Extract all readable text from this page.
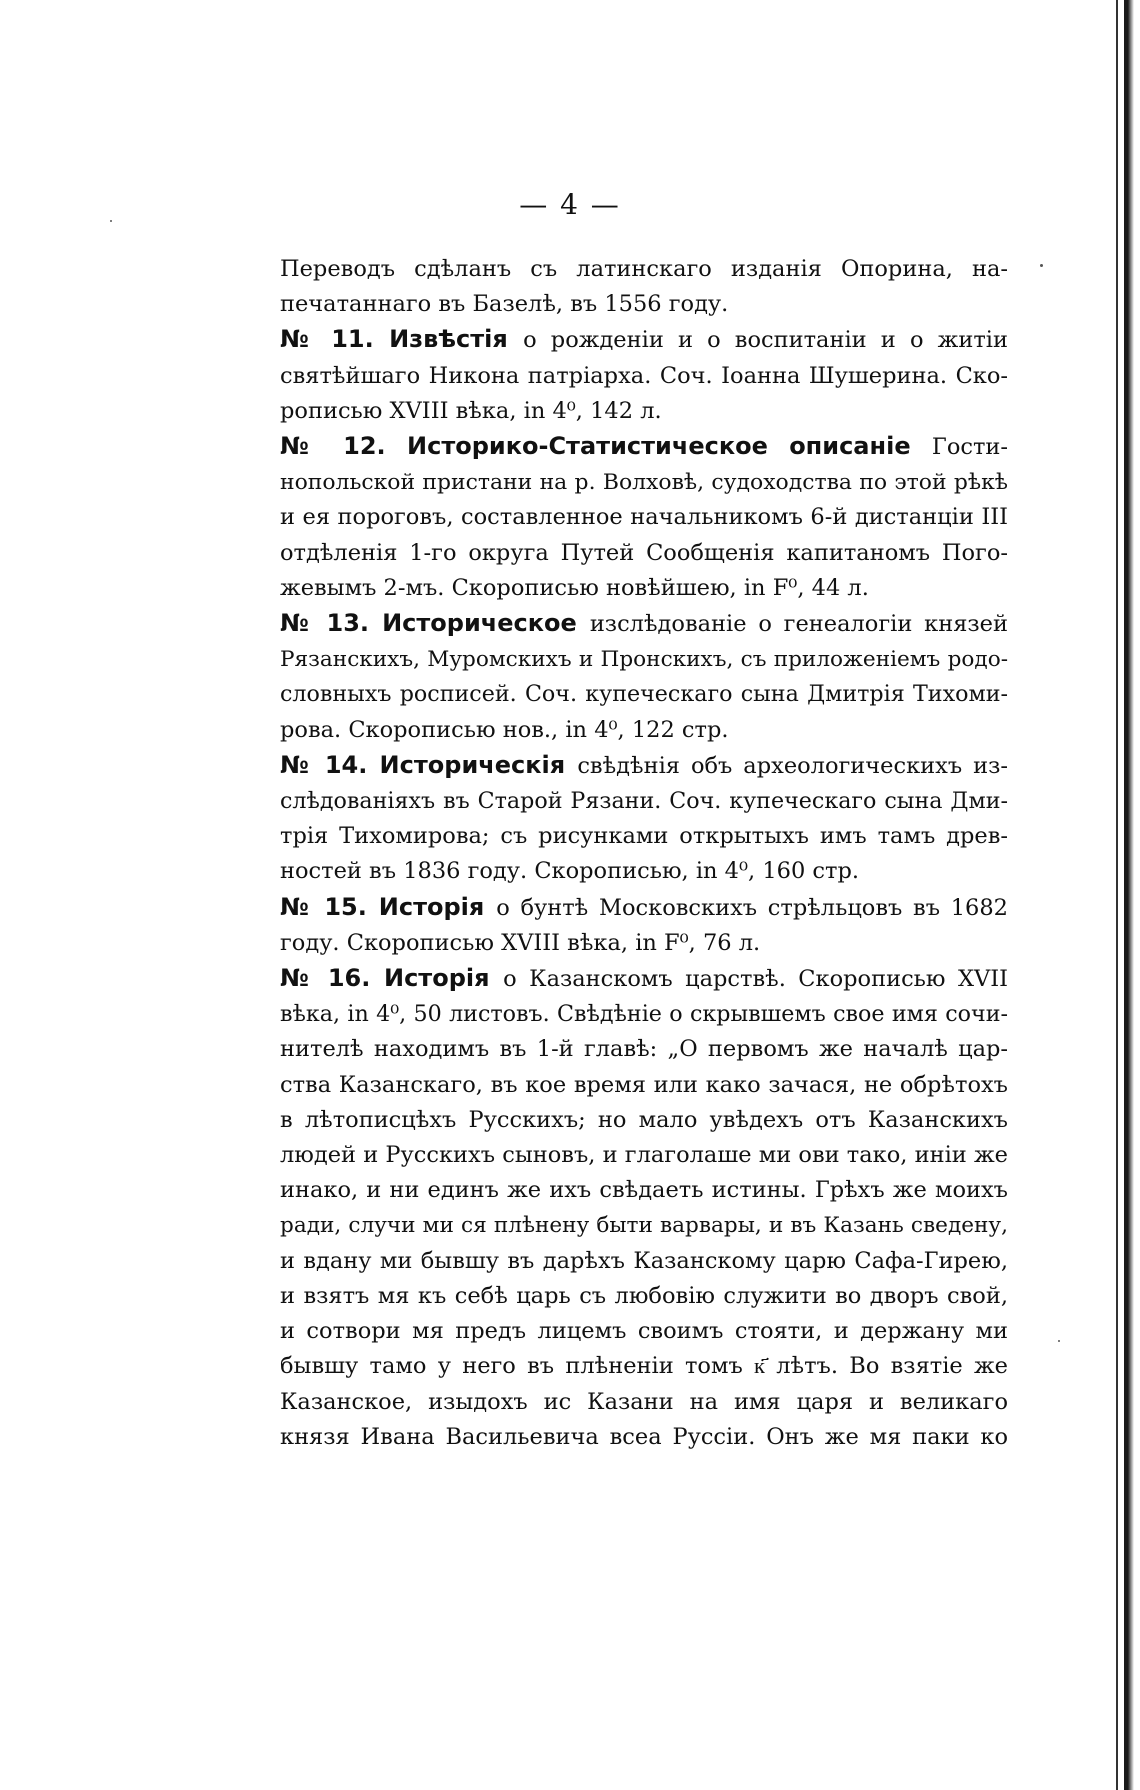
— 4 —
Переводъ сдѣланъ съ латинскаго изданія Опорина, на-
печатаннаго въ Базелѣ, въ 1556 году.
№ 11. Извѣстія о рожденіи и о воспитаніи и о житіи
святѣйшаго Никона патріарха. Соч. Іоанна Шушерина. Ско-
рописью XVIII вѣка, in 4⁰, 142 л.
№ 12. Историко-Статистическое описаніе Гости-
нопольской пристани на р. Волховѣ, судоходства по этой рѣкѣ
и ея пороговъ, составленное начальникомъ 6-й дистанціи III
отдѣленія 1-го округа Путей Сообщенія капитаномъ Пого-
жевымъ 2-мъ. Скорописью новѣйшею, in F⁰, 44 л.
№ 13. Историческое изслѣдованіе о генеалогіи князей
Рязанскихъ, Муромскихъ и Пронскихъ, съ приложеніемъ родо-
словныхъ росписей. Соч. купеческаго сына Дмитрія Тихоми-
рова. Скорописью нов., in 4⁰, 122 стр.
№ 14. Историческія свѣдѣнія объ археологическихъ из-
слѣдованіяхъ въ Старой Рязани. Соч. купеческаго сына Дми-
трія Тихомирова; съ рисунками открытыхъ имъ тамъ древ-
ностей въ 1836 году. Скорописью, in 4⁰, 160 стр.
№ 15. Исторія о бунтѣ Московскихъ стрѣльцовъ въ 1682
году. Скорописью XVIII вѣка, in F⁰, 76 л.
№ 16. Исторія о Казанскомъ царствѣ. Скорописью XVII
вѣка, in 4⁰, 50 листовъ. Свѣдѣніе о скрывшемъ свое имя сочи-
нителѣ находимъ въ 1-й главѣ: „О первомъ же началѣ цар-
ства Казанскаго, въ кое время или како зачася, не обрѣтохъ
в лѣтописцѣхъ Русскихъ; но мало увѣдехъ отъ Казанскихъ
людей и Русскихъ сыновъ, и глаголаше ми ови тако, иніи же
инако, и ни единъ же ихъ свѣдаеть истины. Грѣхъ же моихъ
ради, случи ми ся плѣнену быти варвары, и въ Казань сведену,
и вдану ми бывшу въ дарѣхъ Казанскому царю Сафа-Гирею,
и взятъ мя къ себѣ царь съ любовію служити во дворъ свой,
и сотвори мя предъ лицемъ своимъ стояти, и держану ми
бывшу тамо у него въ плѣненіи томъ к҃ лѣтъ. Во взятіе же
Казанское, изыдохъ ис Казани на имя царя и великаго
князя Ивана Васильевича всеа Руссіи. Онъ же мя паки ко
